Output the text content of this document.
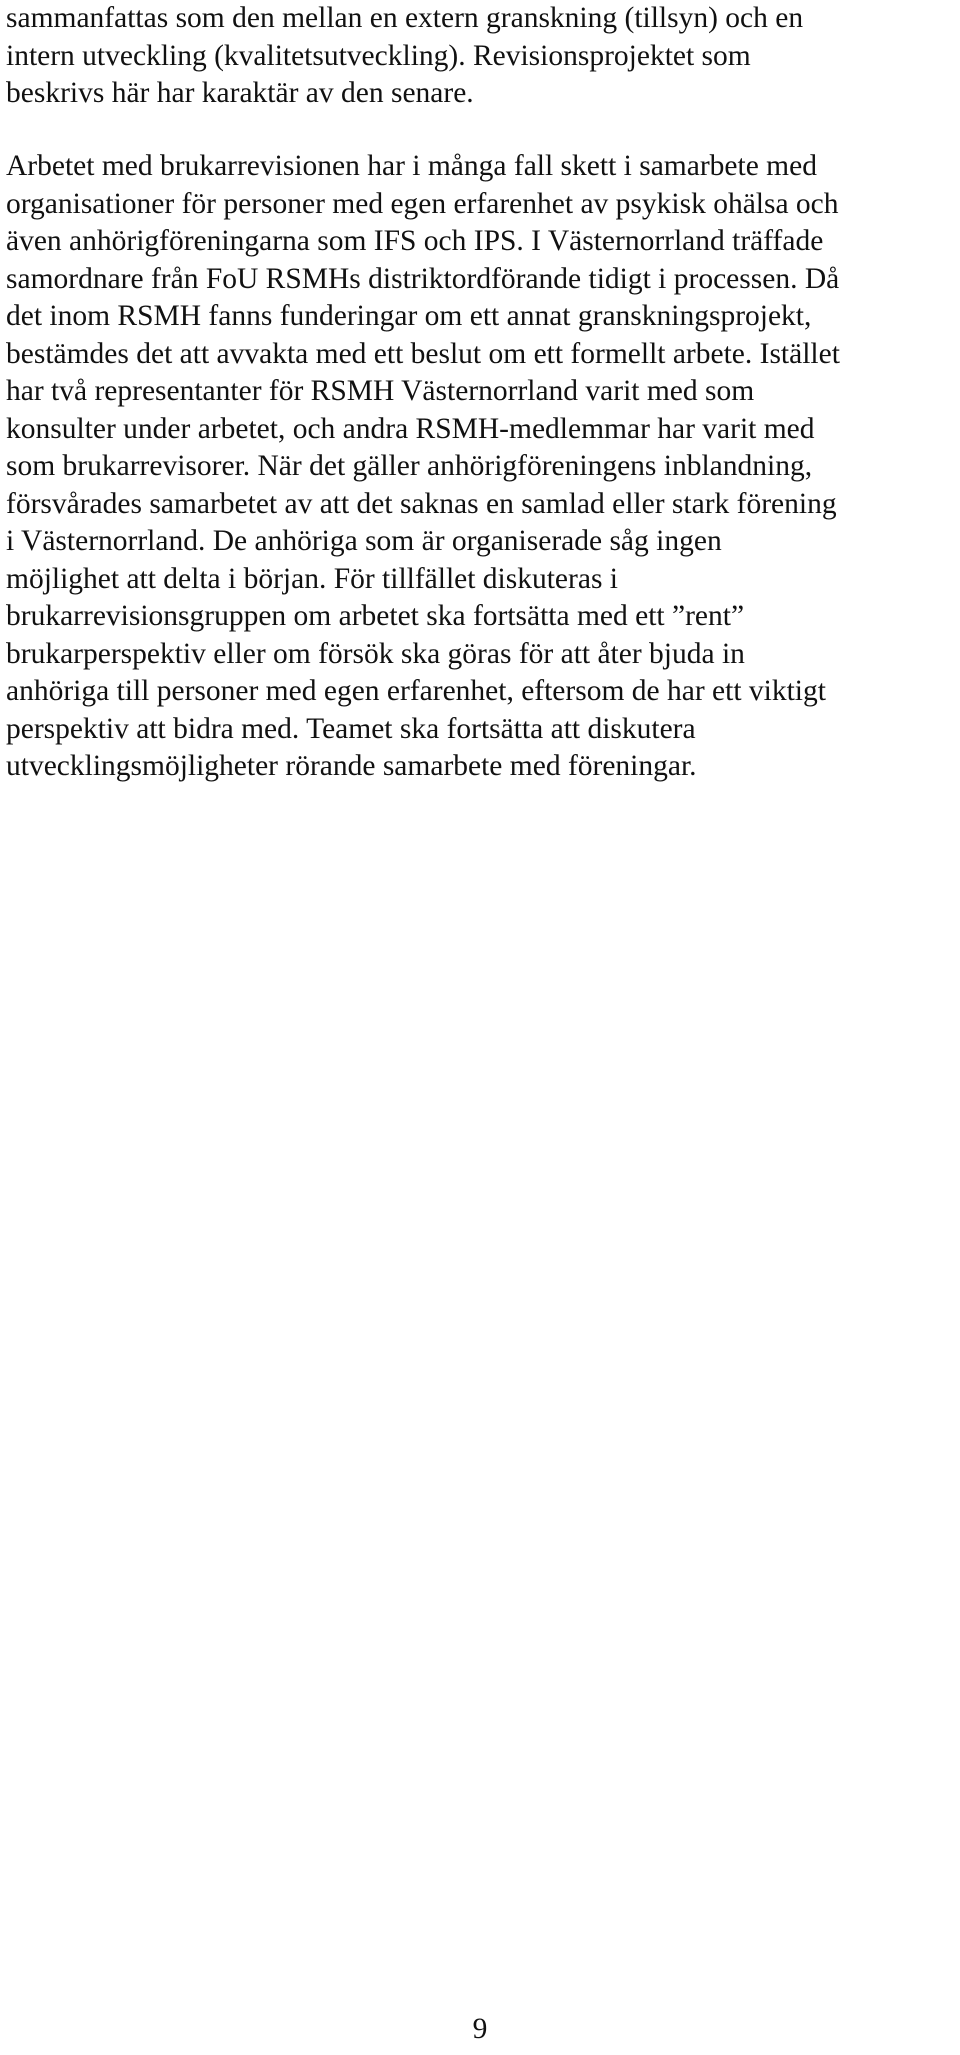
sammanfattas som den mellan en extern granskning (tillsyn) och en
intern utveckling (kvalitetsutveckling). Revisionsprojektet som
beskrivs här har karaktär av den senare.
Arbetet med brukarrevisionen har i många fall skett i samarbete med
organisationer för personer med egen erfarenhet av psykisk ohälsa och
även anhörigföreningarna som IFS och IPS. I Västernorrland träffade
samordnare från FoU RSMHs distriktordförande tidigt i processen. Då
det inom RSMH fanns funderingar om ett annat granskningsprojekt,
bestämdes det att avvakta med ett beslut om ett formellt arbete. Istället
har två representanter för RSMH Västernorrland varit med som
konsulter under arbetet, och andra RSMH-medlemmar har varit med
som brukarrevisorer. När det gäller anhörigföreningens inblandning,
försvårades samarbetet av att det saknas en samlad eller stark förening
i Västernorrland. De anhöriga som är organiserade såg ingen
möjlighet att delta i början. För tillfället diskuteras i
brukarrevisionsgruppen om arbetet ska fortsätta med ett ”rent”
brukarperspektiv eller om försök ska göras för att åter bjuda in
anhöriga till personer med egen erfarenhet, eftersom de har ett viktigt
perspektiv att bidra med. Teamet ska fortsätta att diskutera
utvecklingsmöjligheter rörande samarbete med föreningar.
9
